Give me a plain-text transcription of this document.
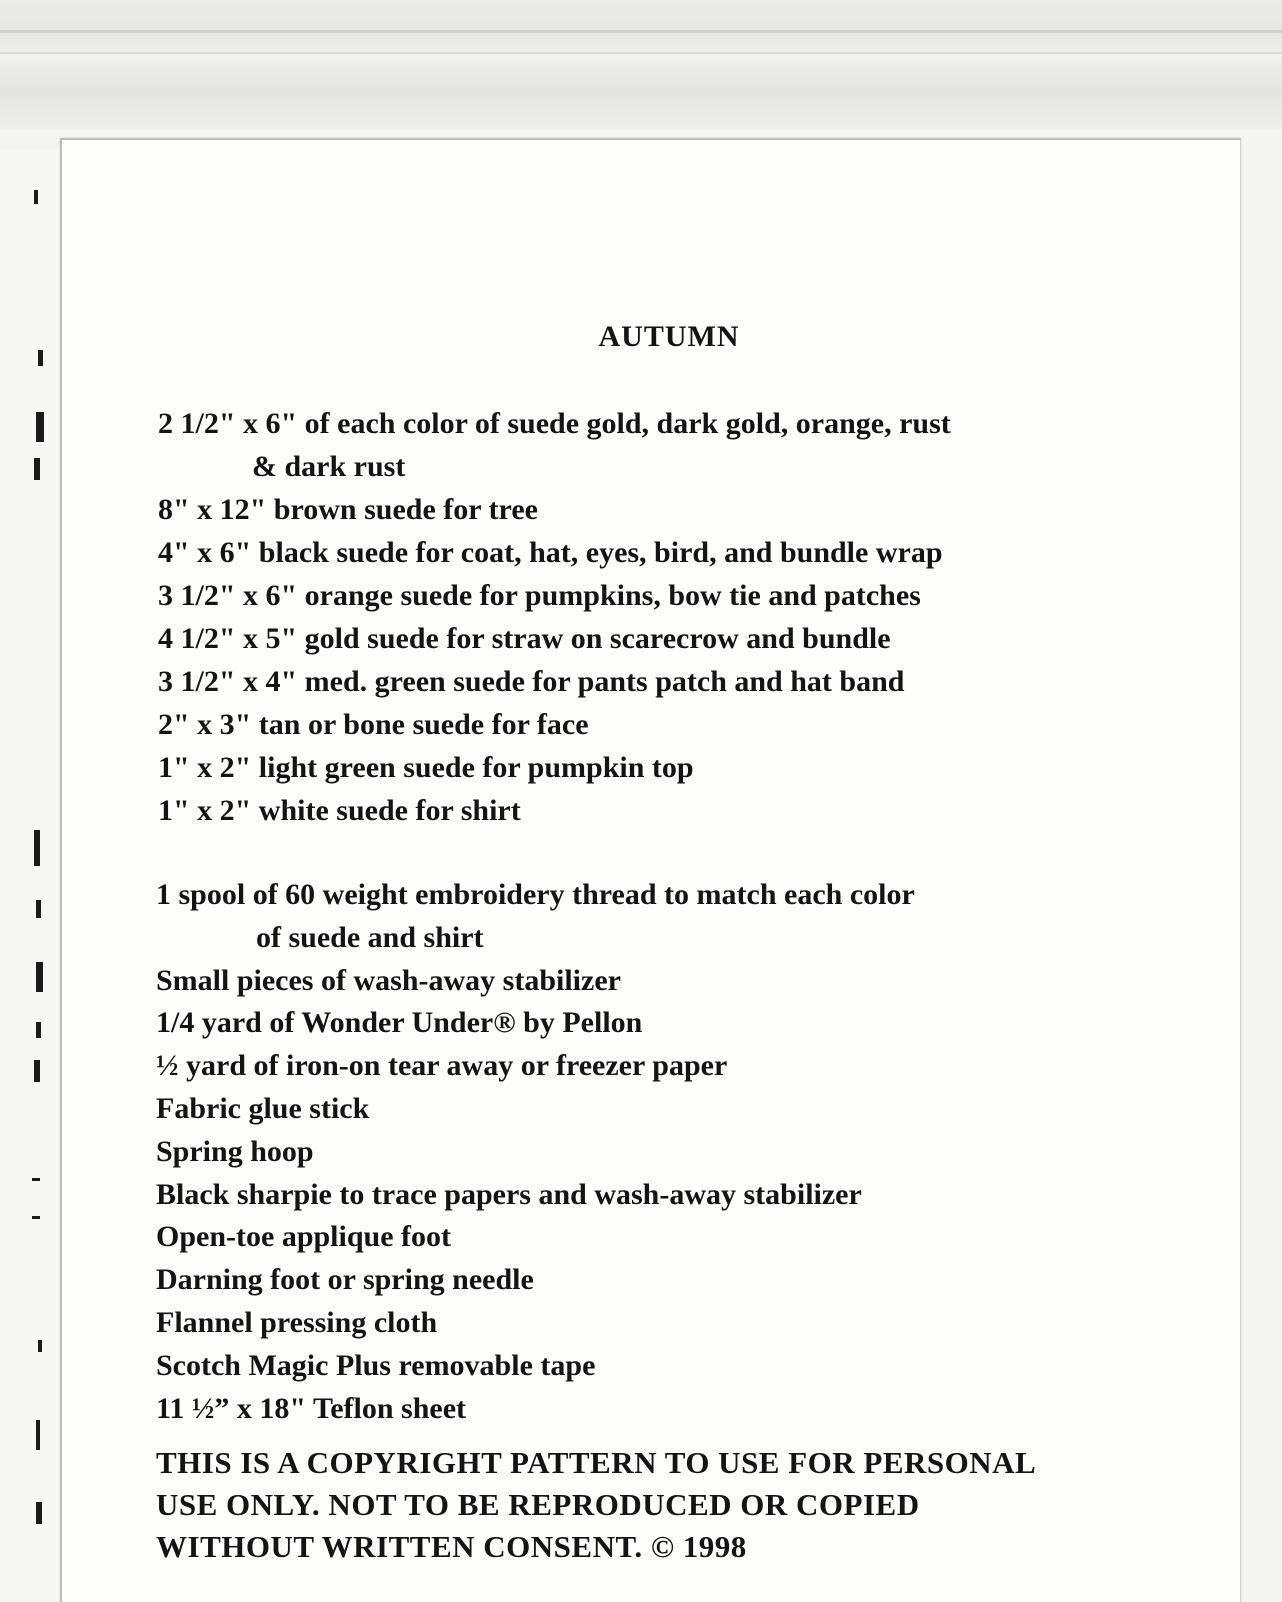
AUTUMN
2 1/2" x 6" of each color of suede gold, dark gold, orange, rust
& dark rust
8" x 12" brown suede for tree
4" x 6" black suede for coat, hat, eyes, bird, and bundle wrap
3 1/2" x 6" orange suede for pumpkins, bow tie and patches
4 1/2" x 5" gold suede for straw on scarecrow and bundle
3 1/2" x 4" med. green suede for pants patch and hat band
2" x 3" tan or bone suede for face
1" x 2" light green suede for pumpkin top
1" x 2" white suede for shirt
1 spool of 60 weight embroidery thread to match each color
of suede and shirt
Small pieces of wash-away stabilizer
1/4 yard of Wonder Under® by Pellon
½ yard of iron-on tear away or freezer paper
Fabric glue stick
Spring hoop
Black sharpie to trace papers and wash-away stabilizer
Open-toe applique foot
Darning foot or spring needle
Flannel pressing cloth
Scotch Magic Plus removable tape
11 ½” x 18" Teflon sheet
THIS IS A COPYRIGHT PATTERN TO USE FOR PERSONAL
USE ONLY. NOT TO BE REPRODUCED OR COPIED
WITHOUT WRITTEN CONSENT. © 1998
